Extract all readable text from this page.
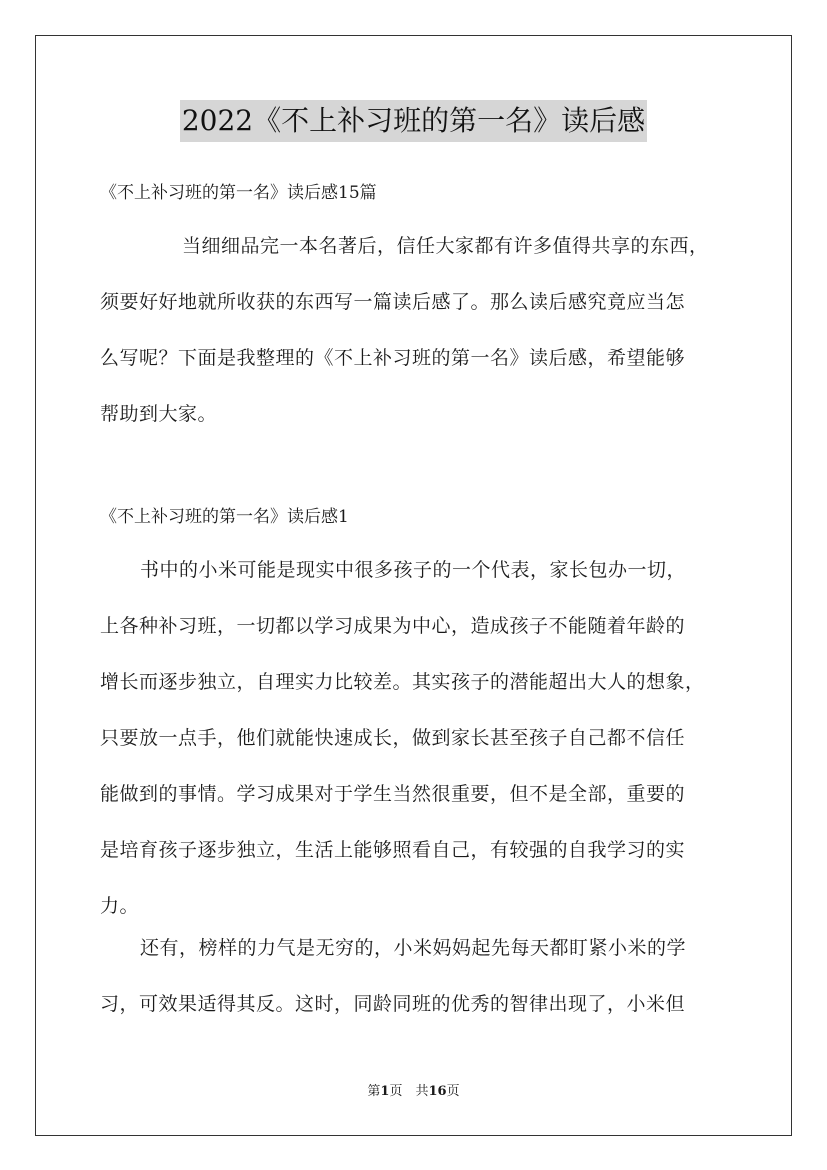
2022《不上补习班的第一名》读后感
《不上补习班的第一名》读后感15篇
当细细品完一本名著后，信任大家都有许多值得共享的东西，
须要好好地就所收获的东西写一篇读后感了。那么读后感究竟应当怎
么写呢？下面是我整理的《不上补习班的第一名》读后感，希望能够
帮助到大家。
《不上补习班的第一名》读后感1
书中的小米可能是现实中很多孩子的一个代表，家长包办一切，
上各种补习班，一切都以学习成果为中心，造成孩子不能随着年龄的
增长而逐步独立，自理实力比较差。其实孩子的潜能超出大人的想象，
只要放一点手，他们就能快速成长，做到家长甚至孩子自己都不信任
能做到的事情。学习成果对于学生当然很重要，但不是全部，重要的
是培育孩子逐步独立，生活上能够照看自己，有较强的自我学习的实
力。
还有，榜样的力气是无穷的，小米妈妈起先每天都盯紧小米的学
习，可效果适得其反。这时，同龄同班的优秀的智律出现了，小米但
第1页　共16页
